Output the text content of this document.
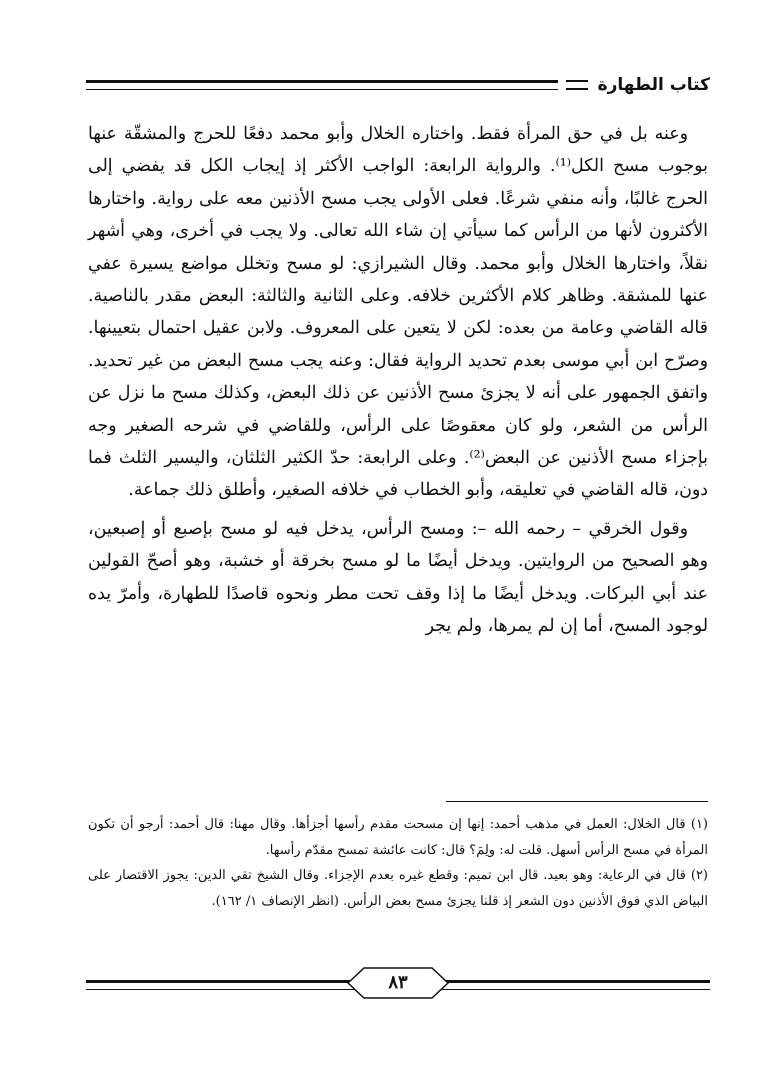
كتاب الطهارة

وعنه بل في حق المرأة فقط. واختاره الخلال وأبو محمد دفعًا للحرج والمشقّة عنها بوجوب مسح الكل⁽¹⁾. والرواية الرابعة: الواجب الأكثر إذ إيجاب الكل قد يفضي إلى الحرج غالبًا، وأنه منفي شرعًا. فعلى الأولى يجب مسح الأذنين معه على رواية. واختارها الأكثرون لأنها من الرأس كما سيأتي إن شاء الله تعالى. ولا يجب في أخرى، وهي أشهر نقلاً، واختارها الخلال وأبو محمد. وقال الشيرازي: لو مسح وتخلل مواضع يسيرة عفي عنها للمشقة. وظاهر كلام الأكثرين خلافه. وعلى الثانية والثالثة: البعض مقدر بالناصية. قاله القاضي وعامة من بعده: لكن لا يتعين على المعروف. ولابن عقيل احتمال بتعيينها. وصرّح ابن أبي موسى بعدم تحديد الرواية فقال: وعنه يجب مسح البعض من غير تحديد. واتفق الجمهور على أنه لا يجزئ مسح الأذنين عن ذلك البعض، وكذلك مسح ما نزل عن الرأس من الشعر، ولو كان معقوصًا على الرأس، وللقاضي في شرحه الصغير وجه بإجزاء مسح الأذنين عن البعض⁽²⁾. وعلى الرابعة: حدّ الكثير الثلثان، واليسير الثلث فما دون، قاله القاضي في تعليقه، وأبو الخطاب في خلافه الصغير، وأطلق ذلك جماعة.

وقول الخرقي – رحمه الله –: ومسح الرأس، يدخل فيه لو مسح بإصبع أو إصبعين، وهو الصحيح من الروايتين. ويدخل أيضًا ما لو مسح بخرقة أو خشبة، وهو أصحّ القولين عند أبي البركات. ويدخل أيضًا ما إذا وقف تحت مطر ونحوه قاصدًا للطهارة، وأمرّ يده لوجود المسح، أما إن لم يمرها، ولم يجر

(١) قال الخلال: العمل في مذهب أحمد: إنها إن مسحت مقدم رأسها أجزأها. وقال مهنا: قال أحمد: أرجو أن تكون المرأة في مسح الرأس أسهل. قلت له: ولِمَ؟ قال: كانت عائشة تمسح مقدّم رأسها.

(٢) قال في الرعاية: وهو بعيد. قال ابن تميم: وقطع غيره بعدم الإجزاء. وقال الشيخ تقي الدين: يجوز الاقتصار على البياض الذي فوق الأذنين دون الشعر إذ قلنا يجزئ مسح بعض الرأس. (انظر الإنصاف ١/ ١٦٢).

٨٣
